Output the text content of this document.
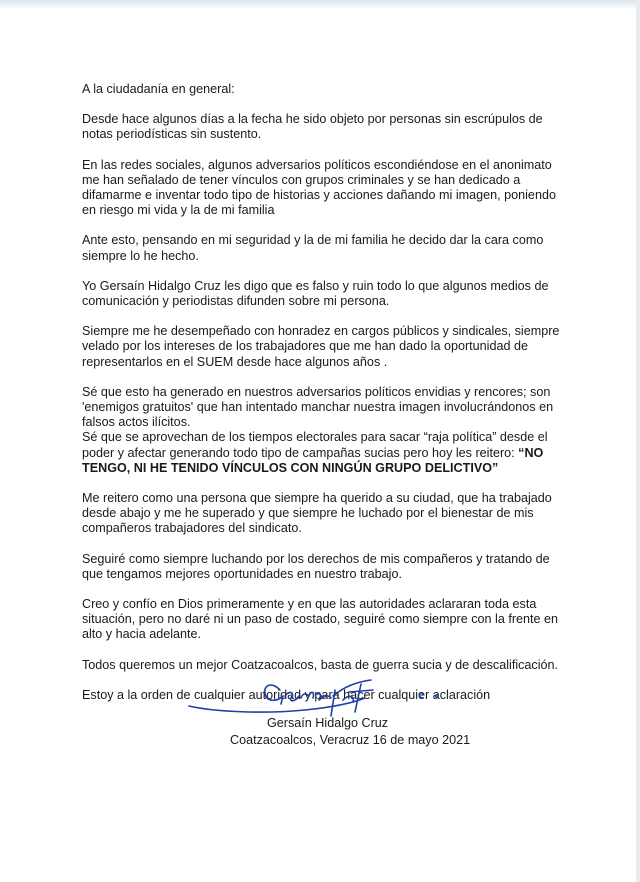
A la ciudadanía en general:

Desde hace algunos días a la fecha he sido objeto por personas sin escrúpulos de notas periodísticas sin sustento.

En las redes sociales, algunos adversarios políticos escondiéndose en el anonimato me han señalado de tener vínculos con grupos criminales y se han dedicado a difamarme e inventar todo tipo de historias y acciones dañando mi imagen, poniendo en riesgo mi vida y la de mi familia

Ante esto, pensando en mi seguridad y la de mi familia he decido dar la cara como siempre lo he hecho.

Yo Gersaín Hidalgo Cruz les digo que es falso y ruin todo lo que algunos medios de comunicación y periodistas difunden sobre mi persona.

Siempre me he desempeñado con honradez en cargos públicos y sindicales, siempre velado por los intereses de los trabajadores que me han dado la oportunidad de representarlos en el SUEM desde hace algunos años .

Sé que esto ha generado en nuestros adversarios políticos envidias y rencores; son 'enemigos gratuitos' que han intentado manchar nuestra imagen involucrándonos en falsos actos ilícitos.

Sé que se aprovechan de los tiempos electorales para sacar “raja política” desde el poder y afectar generando todo tipo de campañas sucias pero hoy les reitero: “NO TENGO, NI HE TENIDO VÍNCULOS CON NINGÚN GRUPO DELICTIVO”

Me reitero como una persona que siempre ha querido a su ciudad, que ha trabajado desde abajo y me he superado y que siempre he luchado por el bienestar de mis compañeros trabajadores del sindicato.

Seguiré como siempre luchando por los derechos de mis compañeros y tratando de que tengamos mejores oportunidades en nuestro trabajo.

Creo y confío en Dios primeramente y en que las autoridades aclararan toda esta situación, pero no daré ni un paso de costado, seguiré como siempre con la frente en alto y hacia adelante.

Todos queremos un mejor Coatzacoalcos, basta de guerra sucia y de descalificación.

Estoy a la orden de cualquier autoridad y para hacer cualquier aclaración

Gersaín Hidalgo Cruz
Coatzacoalcos, Veracruz 16 de mayo 2021
